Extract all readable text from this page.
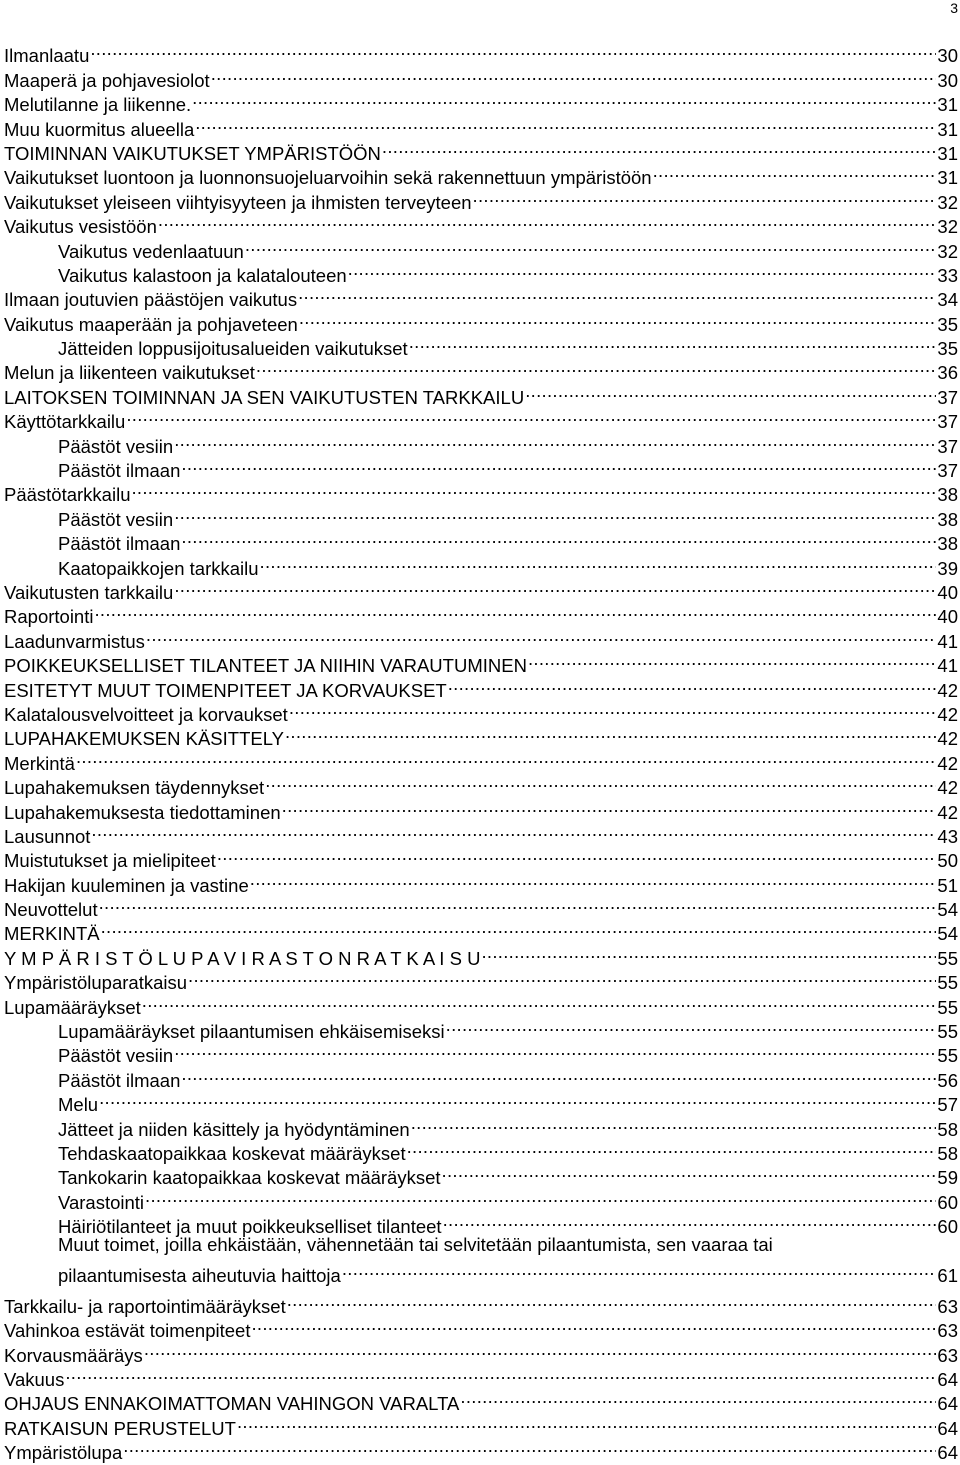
3
Ilmanlaatu .....	30
Maaperä ja pohjavesiolot .....	30
Melutilanne ja liikenne. .....	31
Muu kuormitus alueella .....	31
TOIMINNAN VAIKUTUKSET YMPÄRISTÖÖN .....	31
Vaikutukset luontoon ja luonnonsuojeluarvoihin sekä rakennettuun ympäristöön .....	31
Vaikutukset yleiseen viihtyisyyteen ja ihmisten terveyteen .....	32
Vaikutus vesistöön .....	32
Vaikutus vedenlaatuun .....	32
Vaikutus kalastoon ja kalatalouteen .....	33
Ilmaan joutuvien päästöjen vaikutus .....	34
Vaikutus maaperään ja pohjaveteen .....	35
Jätteiden loppusijoitusalueiden vaikutukset .....	35
Melun ja liikenteen vaikutukset .....	36
LAITOKSEN TOIMINNAN JA SEN VAIKUTUSTEN TARKKAILU .....	37
Käyttötarkkailu .....	37
Päästöt vesiin .....	37
Päästöt ilmaan .....	37
Päästötarkkailu .....	38
Päästöt vesiin .....	38
Päästöt ilmaan .....	38
Kaatopaikkojen tarkkailu .....	39
Vaikutusten tarkkailu .....	40
Raportointi .....	40
Laadunvarmistus .....	41
POIKKEUKSELLISET TILANTEET JA NIIHIN VARAUTUMINEN .....	41
ESITETYT MUUT TOIMENPITEET JA KORVAUKSET .....	42
Kalatalousvelvoitteet ja korvaukset .....	42
LUPAHAKEMUKSEN KÄSITTELY .....	42
Merkintä .....	42
Lupahakemuksen täydennykset .....	42
Lupahakemuksesta tiedottaminen .....	42
Lausunnot .....	43
Muistutukset ja mielipiteet .....	50
Hakijan kuuleminen ja vastine .....	51
Neuvottelut .....	54
MERKINTÄ .....	54
Y M P Ä R I S T Ö L U P A V I R A S T O N R A T K A I S U .....	55
Ympäristöluparatkaisu .....	55
Lupamääräykset .....	55
Lupamääräykset pilaantumisen ehkäisemiseksi .....	55
Päästöt vesiin .....	55
Päästöt ilmaan .....	56
Melu .....	57
Jätteet ja niiden käsittely ja hyödyntäminen .....	58
Tehdaskaatopaikkaa koskevat määräykset .....	58
Tankokarin kaatopaikkaa koskevat määräykset .....	59
Varastointi .....	60
Häiriötilanteet ja muut poikkeukselliset tilanteet .....	60
Muut toimet, joilla ehkäistään, vähennetään tai selvitetään pilaantumista, sen vaaraa tai
pilaantumisesta aiheutuvia haittoja .....	61
Tarkkailu- ja raportointimääräykset .....	63
Vahinkoa estävät toimenpiteet .....	63
Korvausmääräys .....	63
Vakuus .....	64
OHJAUS ENNAKOIMATTOMAN VAHINGON VARALTA .....	64
RATKAISUN PERUSTELUT .....	64
Ympäristölupa .....	64
